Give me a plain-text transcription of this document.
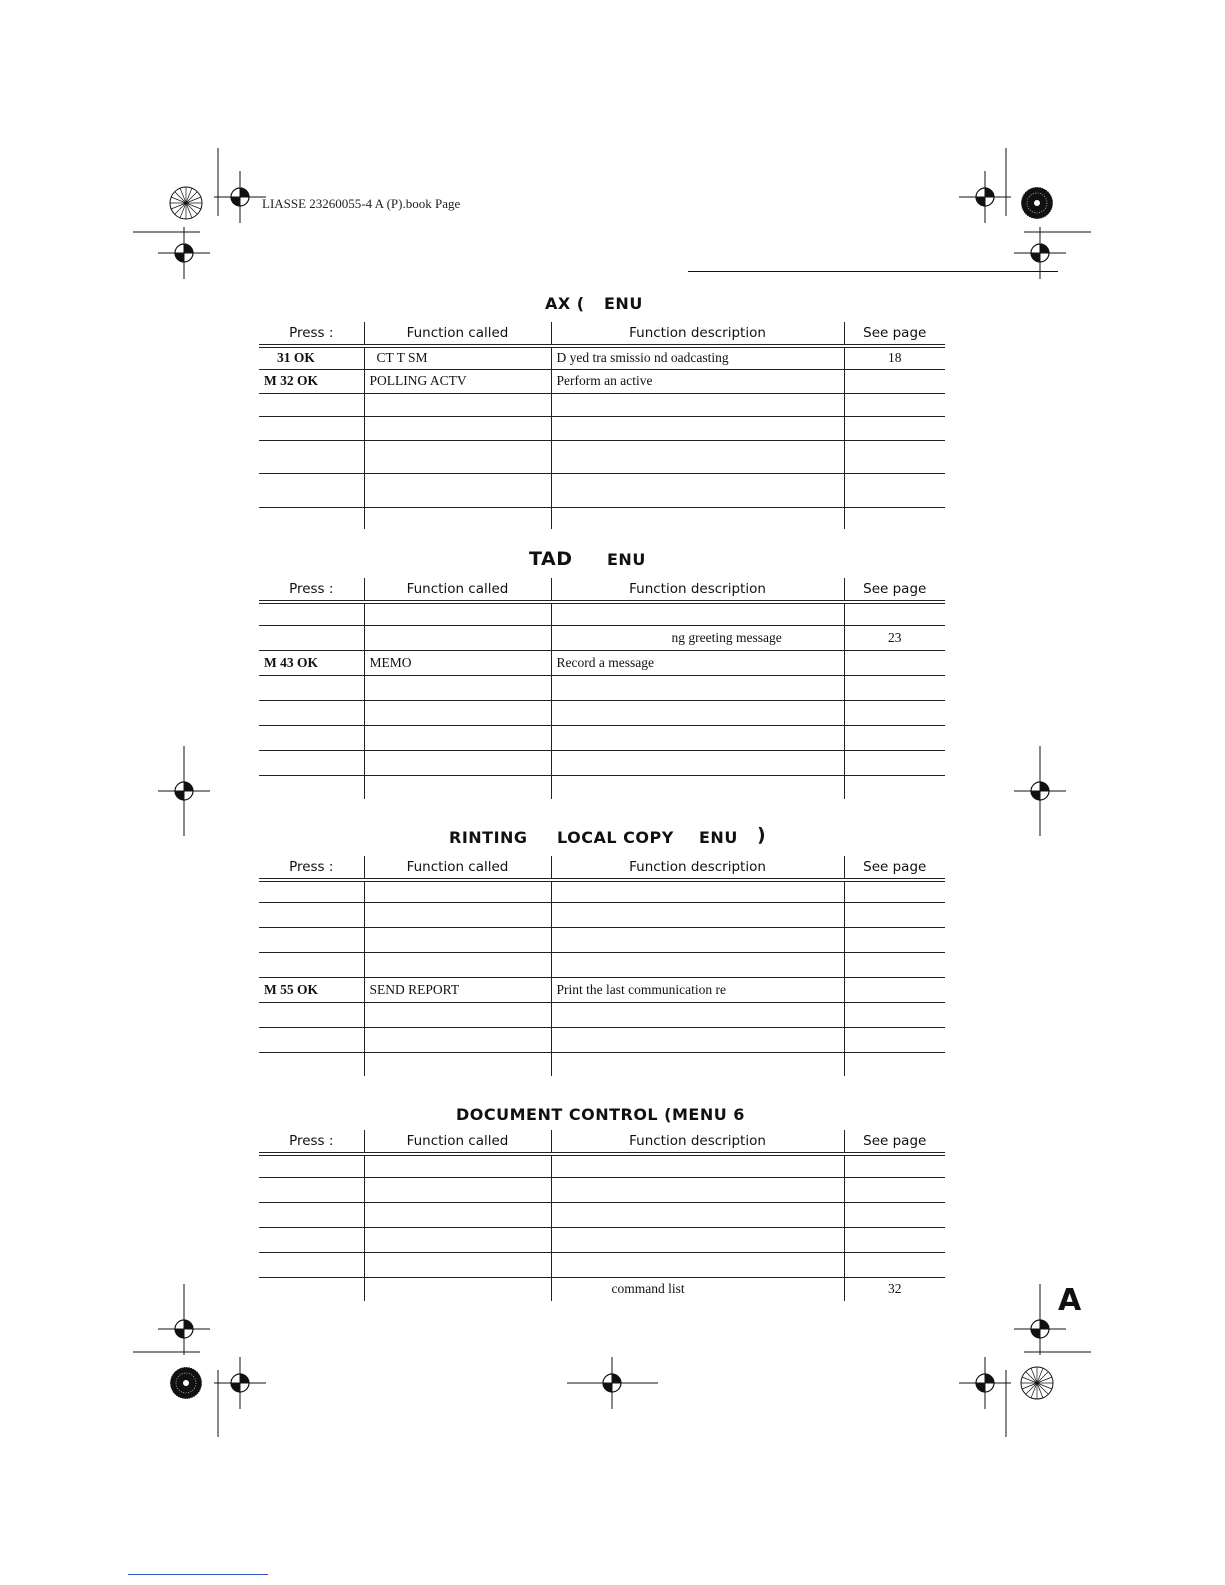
LIASSE 23260055-4 A (P).book Page
AX ( ENU
Press :	Function called	Function description	See page
31 OK	CT T SM	D yed tra smissio nd oadcasting	18
M 32 OK	POLLING ACTV	Perform an active	

TAD ENU
Press :	Function called	Function description	See page

		ng greeting message	23
M 43 OK	MEMO	Record a message	

RINTING LOCAL COPY ENU )
Press :	Function called	Function description	See page

M 55 OK	SEND REPORT	Print the last communication re	

DOCUMENT CONTROL (MENU 6
Press :	Function called	Function description	See page

		command list	32	A
